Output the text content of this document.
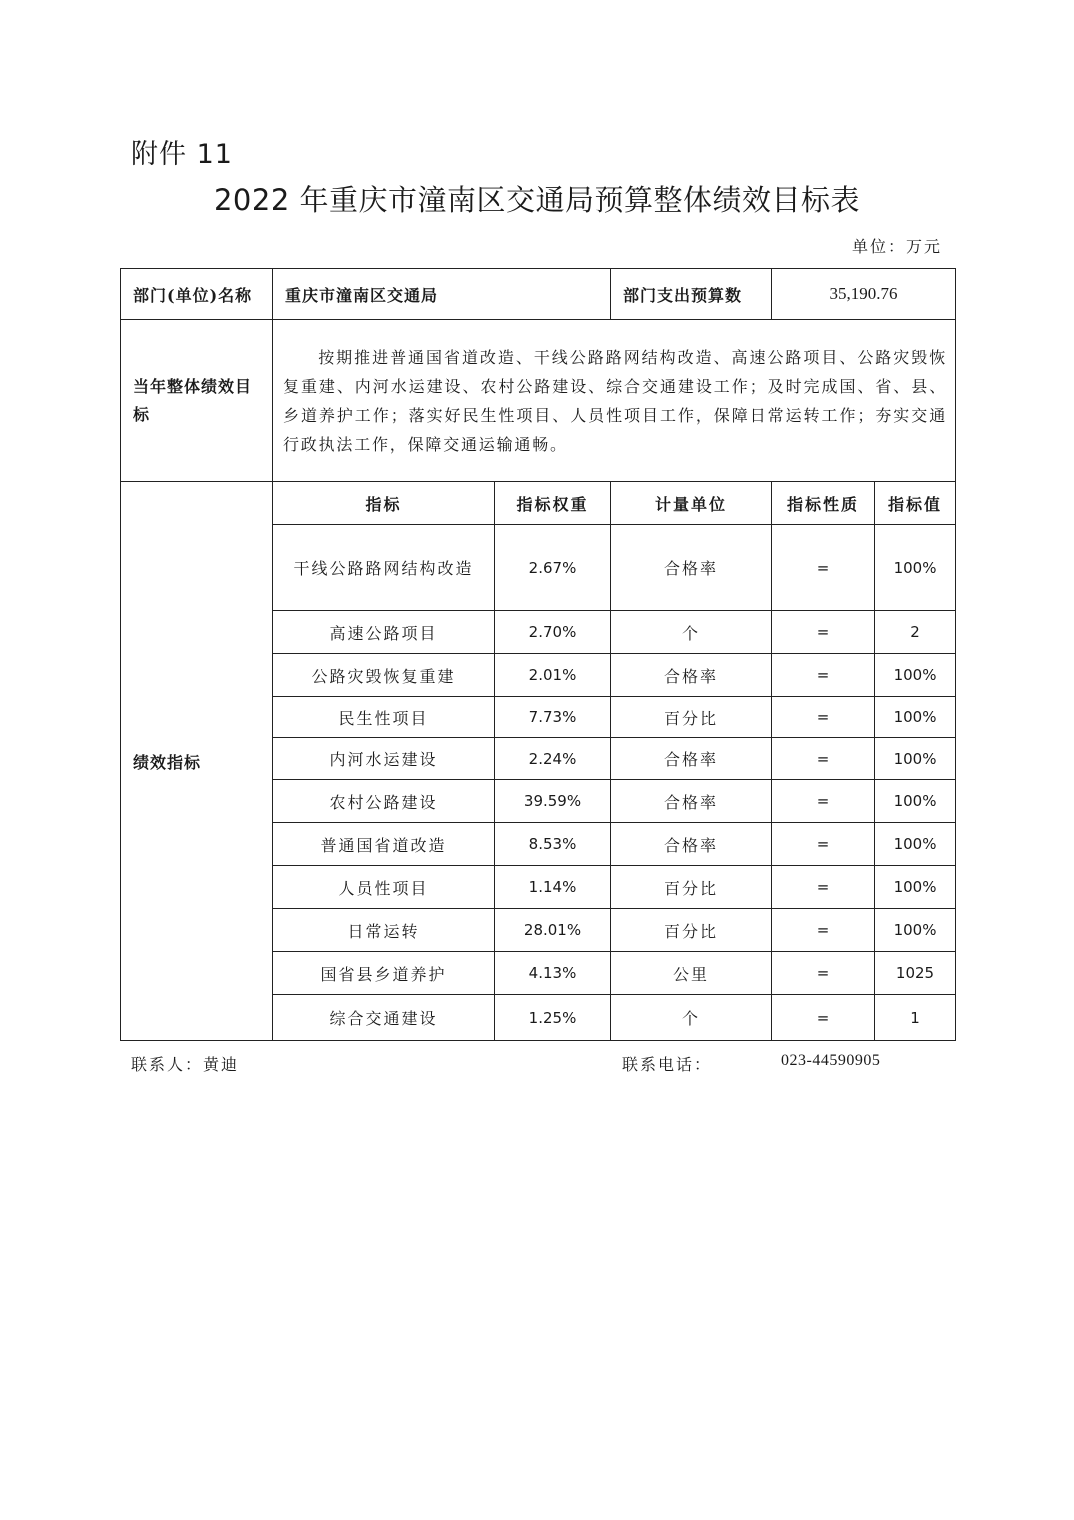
附件 11
2022 年重庆市潼南区交通局预算整体绩效目标表
单位：万元
部门(单位)名称	重庆市潼南区交通局		部门支出预算数	35,190.76	
当年整体绩效目标	按期推进普通国省道改造、干线公路路网结构改造、高速公路项目、公路灾毁恢复重建、内河水运建设、农村公路建设、综合交通建设工作；及时完成国、省、县、乡道养护工作；落实好民生性项目、人员性项目工作，保障日常运转工作；夯实交通行政执法工作，保障交通运输通畅。				
绩效指标	指标	指标权重	计量单位	指标性质	指标值
	干线公路路网结构改造	2.67%	合格率	=	100%
	高速公路项目	2.70%	个	=	2
	公路灾毁恢复重建	2.01%	合格率	=	100%
	民生性项目	7.73%	百分比	=	100%
	内河水运建设	2.24%	合格率	=	100%
	农村公路建设	39.59%	合格率	=	100%
	普通国省道改造	8.53%	合格率	=	100%
	人员性项目	1.14%	百分比	=	100%
	日常运转	28.01%	百分比	=	100%
	国省县乡道养护	4.13%	公里	=	1025
	综合交通建设	1.25%	个	=	1
联系人：黄迪	联系电话：	023-44590905
